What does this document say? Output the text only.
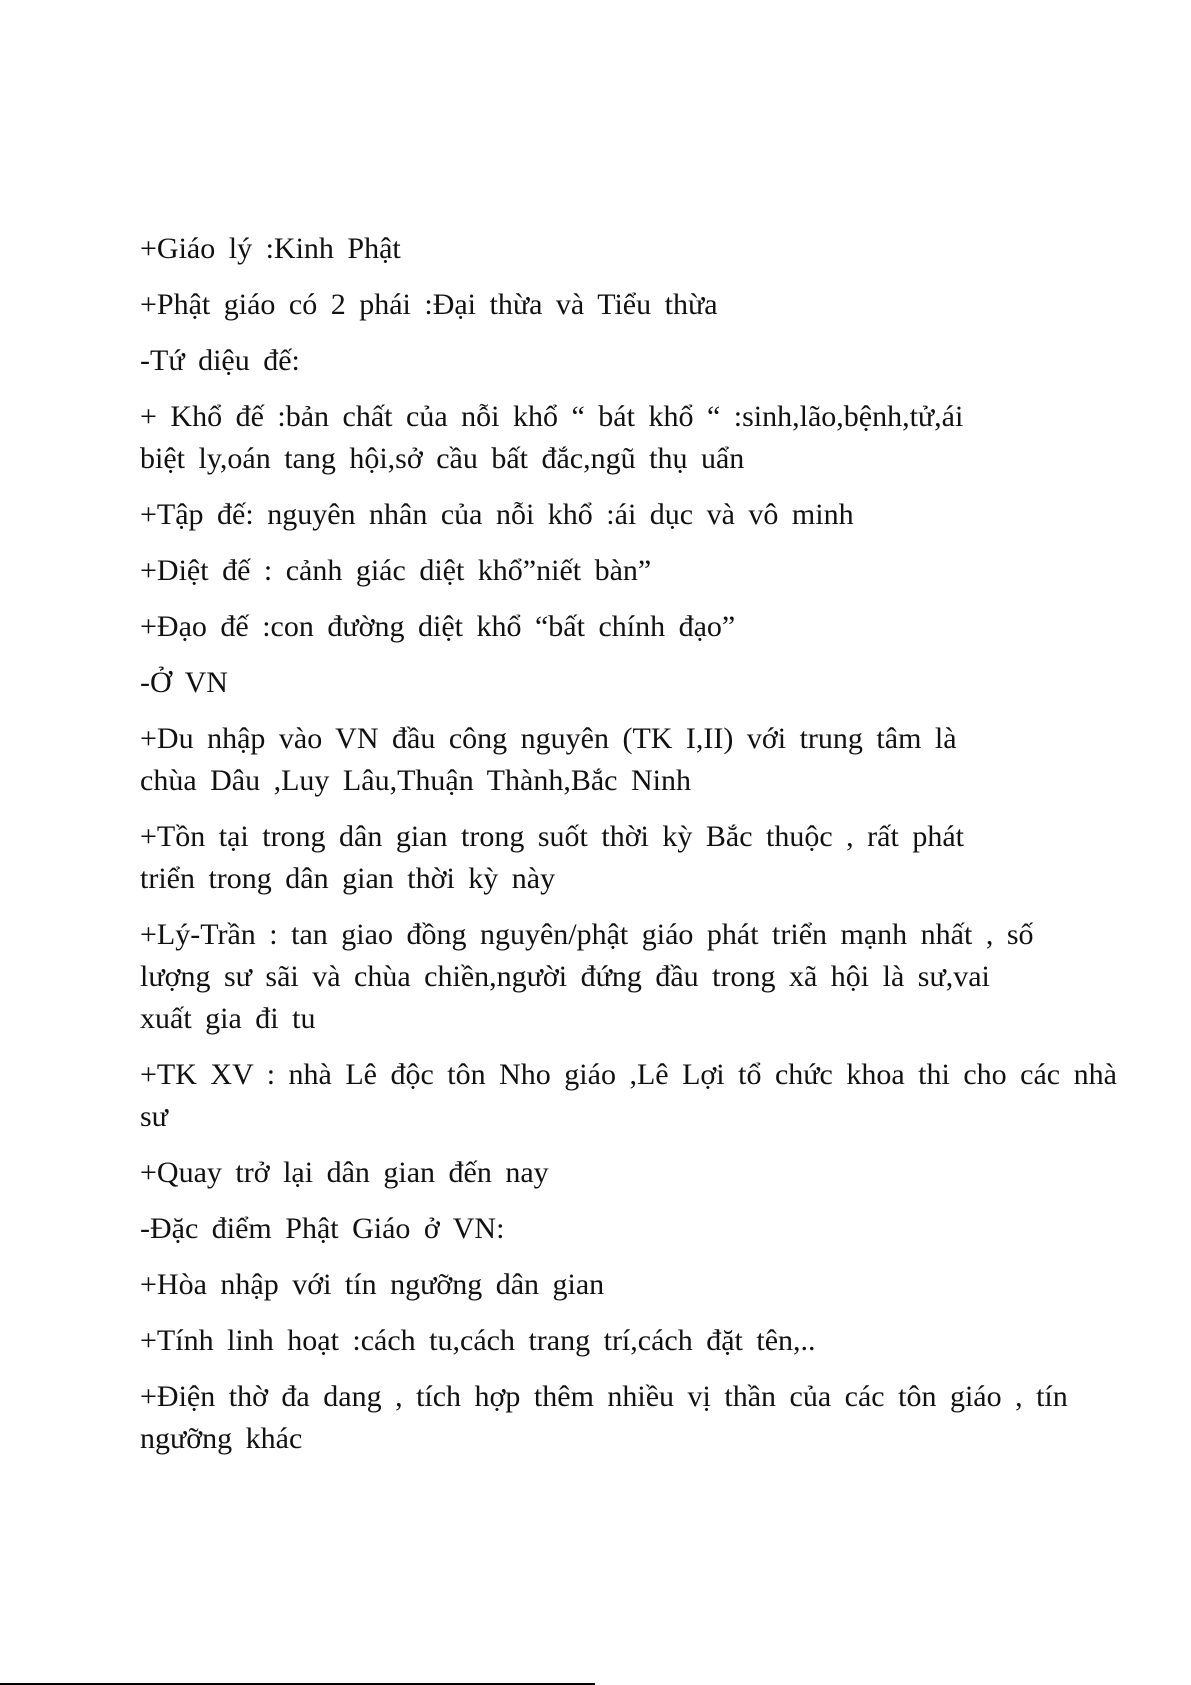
+Giáo lý :Kinh Phật

+Phật giáo có 2 phái :Đại thừa và Tiểu thừa

-Tứ diệu đế:

+ Khổ đế :bản chất của nỗi khổ “ bát khổ “ :sinh,lão,bệnh,tử,ái biệt ly,oán tang hội,sở cầu bất đắc,ngũ thụ uẩn

+Tập đế: nguyên nhân của nỗi khổ :ái dục và vô minh

+Diệt đế : cảnh giác diệt khổ”niết bàn”

+Đạo đế :con đường diệt khổ “bất chính đạo”

-Ở VN

+Du nhập vào VN đầu công nguyên (TK I,II) với trung tâm là chùa Dâu ,Luy Lâu,Thuận Thành,Bắc Ninh

+Tồn tại trong dân gian trong suốt thời kỳ Bắc thuộc , rất phát triển trong dân gian thời kỳ này

+Lý-Trần : tan giao đồng nguyên/phật giáo phát triển mạnh nhất , số lượng sư sãi và chùa chiền,người đứng đầu trong xã hội là sư,vai xuất gia đi tu

+TK XV : nhà Lê độc tôn Nho giáo ,Lê Lợi tổ chức khoa thi cho các nhà sư

+Quay trở lại dân gian đến nay

-Đặc điểm Phật Giáo ở VN:

+Hòa nhập với tín ngưỡng dân gian

+Tính linh hoạt :cách tu,cách trang trí,cách đặt tên,..

+Điện thờ đa dang , tích hợp thêm nhiều vị thần của các tôn giáo , tín ngưỡng khác
